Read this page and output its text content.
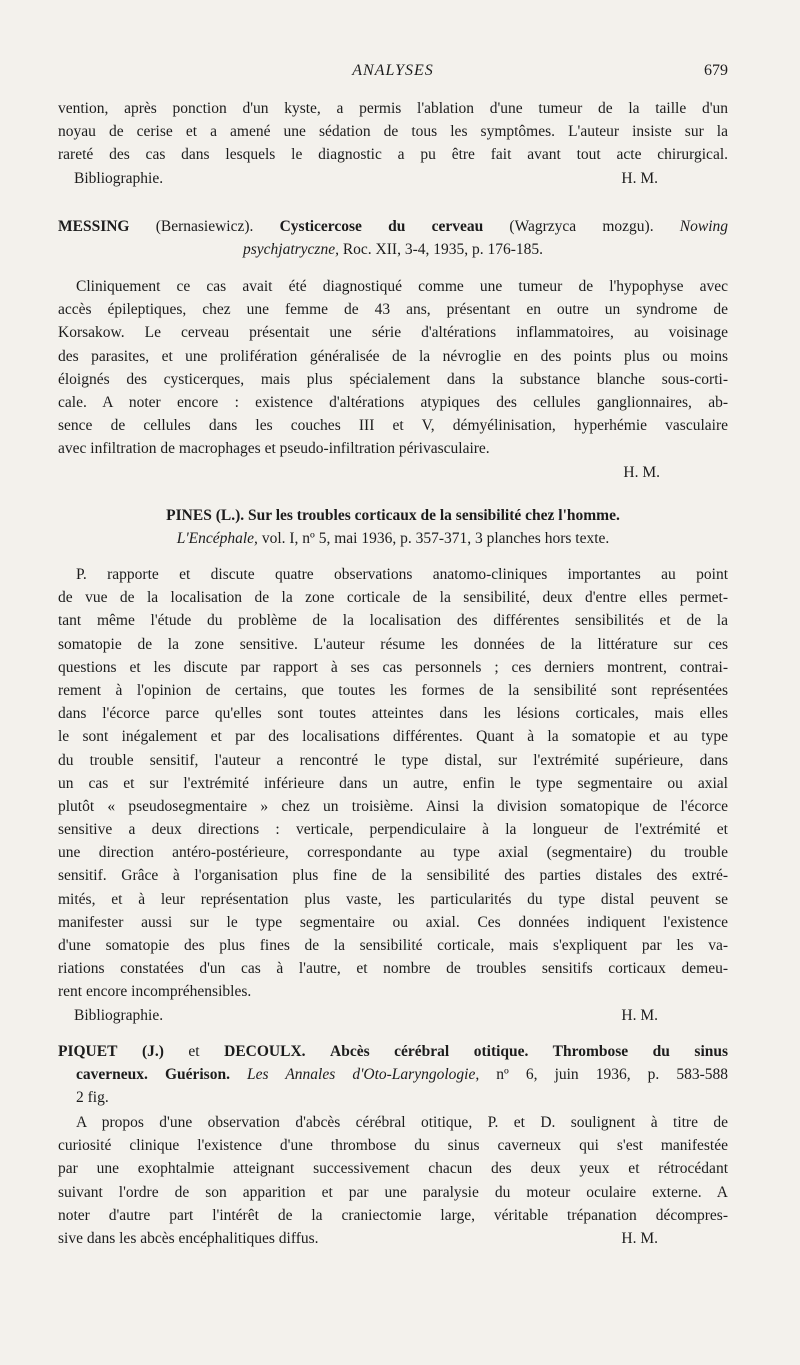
ANALYSES	679
vention, après ponction d'un kyste, a permis l'ablation d'une tumeur de la taille d'un
noyau de cerise et a amené une sédation de tous les symptômes. L'auteur insiste sur la
rareté des cas dans lesquels le diagnostic a pu être fait avant tout acte chirurgical.
Bibliographie.	H. M.
MESSING (Bernasiewicz). Cysticercose du cerveau (Wagrzyca mozgu). Nowing
psychjatryczne, Roc. XII, 3-4, 1935, p. 176-185.
Cliniquement ce cas avait été diagnostiqué comme une tumeur de l'hypophyse avec
accès épileptiques, chez une femme de 43 ans, présentant en outre un syndrome de
Korsakow. Le cerveau présentait une série d'altérations inflammatoires, au voisinage
des parasites, et une prolifération généralisée de la névroglie en des points plus ou moins
éloignés des cysticerques, mais plus spécialement dans la substance blanche sous-corti-
cale. A noter encore : existence d'altérations atypiques des cellules ganglionnaires, ab-
sence de cellules dans les couches III et V, démyélinisation, hyperhémie vasculaire
avec infiltration de macrophages et pseudo-infiltration périvasculaire.
H. M.
PINES (L.). Sur les troubles corticaux de la sensibilité chez l'homme.
L'Encéphale, vol. I, nº 5, mai 1936, p. 357-371, 3 planches hors texte.
P. rapporte et discute quatre observations anatomo-cliniques importantes au point
de vue de la localisation de la zone corticale de la sensibilité, deux d'entre elles permet-
tant même l'étude du problème de la localisation des différentes sensibilités et de la
somatopie de la zone sensitive. L'auteur résume les données de la littérature sur ces
questions et les discute par rapport à ses cas personnels ; ces derniers montrent, contrai-
rement à l'opinion de certains, que toutes les formes de la sensibilité sont représentées
dans l'écorce parce qu'elles sont toutes atteintes dans les lésions corticales, mais elles
le sont inégalement et par des localisations différentes. Quant à la somatopie et au type
du trouble sensitif, l'auteur a rencontré le type distal, sur l'extrémité supérieure, dans
un cas et sur l'extrémité inférieure dans un autre, enfin le type segmentaire ou axial
plutôt « pseudosegmentaire » chez un troisième. Ainsi la division somatopique de l'écorce
sensitive a deux directions : verticale, perpendiculaire à la longueur de l'extrémité et
une direction antéro-postérieure, correspondante au type axial (segmentaire) du trouble
sensitif. Grâce à l'organisation plus fine de la sensibilité des parties distales des extré-
mités, et à leur représentation plus vaste, les particularités du type distal peuvent se
manifester aussi sur le type segmentaire ou axial. Ces données indiquent l'existence
d'une somatopie des plus fines de la sensibilité corticale, mais s'expliquent par les va-
riations constatées d'un cas à l'autre, et nombre de troubles sensitifs corticaux demeu-
rent encore incompréhensibles.
Bibliographie.	H. M.
PIQUET (J.) et DECOULX. Abcès cérébral otitique. Thrombose du sinus
caverneux. Guérison. Les Annales d'Oto-Laryngologie, nº 6, juin 1936, p. 583-588
2 fig.
A propos d'une observation d'abcès cérébral otitique, P. et D. soulignent à titre de
curiosité clinique l'existence d'une thrombose du sinus caverneux qui s'est manifestée
par une exophtalmie atteignant successivement chacun des deux yeux et rétrocédant
suivant l'ordre de son apparition et par une paralysie du moteur oculaire externe. A
noter d'autre part l'intérêt de la craniectomie large, véritable trépanation décompres-
sive dans les abcès encéphalitiques diffus.	H. M.
